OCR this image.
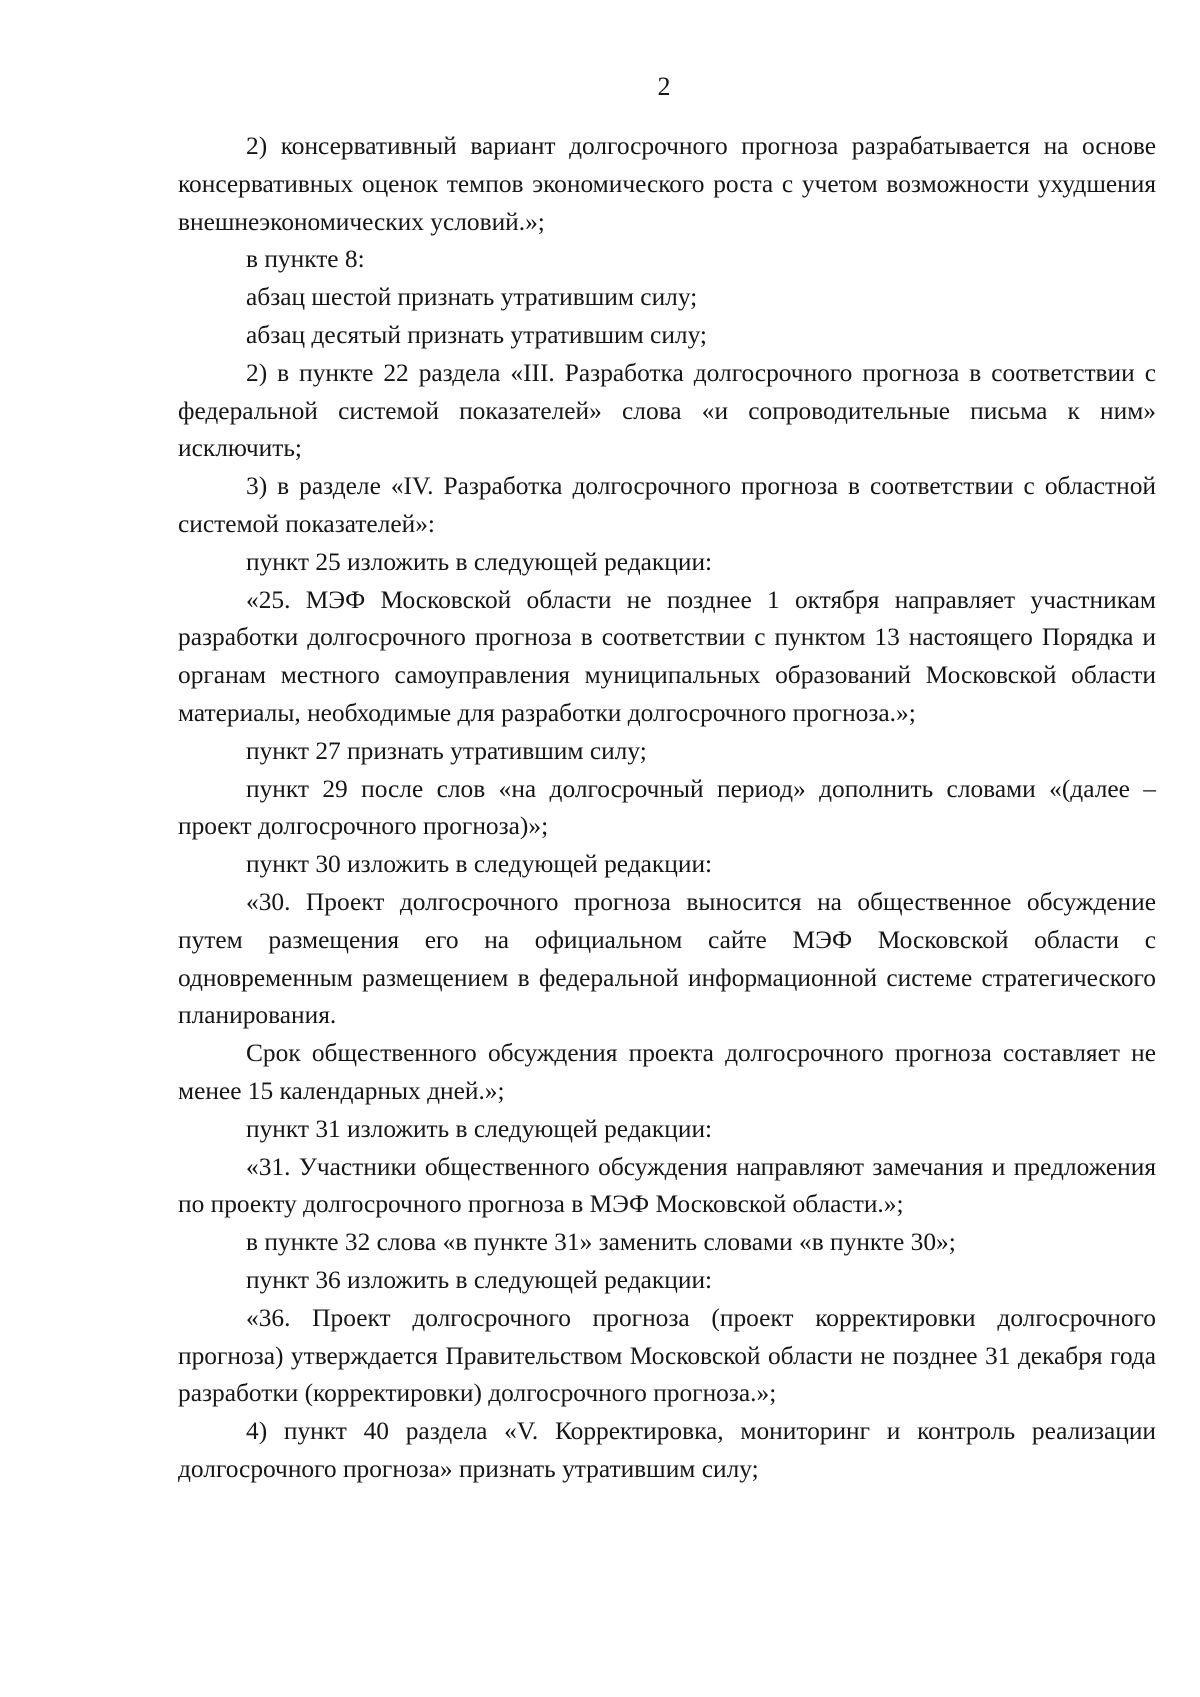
2

2) консервативный вариант долгосрочного прогноза разрабатывается на основе консервативных оценок темпов экономического роста с учетом возможности ухудшения внешнеэкономических условий.»;

в пункте 8:

абзац шестой признать утратившим силу;

абзац десятый признать утратившим силу;

2) в пункте 22 раздела «III. Разработка долгосрочного прогноза в соответствии с федеральной системой показателей» слова «и сопроводительные письма к ним» исключить;

3) в разделе «IV. Разработка долгосрочного прогноза в соответствии с областной системой показателей»:

пункт 25 изложить в следующей редакции:

«25. МЭФ Московской области не позднее 1 октября направляет участникам разработки долгосрочного прогноза в соответствии с пунктом 13 настоящего Порядка и органам местного самоуправления муниципальных образований Московской области материалы, необходимые для разработки долгосрочного прогноза.»;

пункт 27 признать утратившим силу;

пункт 29 после слов «на долгосрочный период» дополнить словами «(далее – проект долгосрочного прогноза)»;

пункт 30 изложить в следующей редакции:

«30. Проект долгосрочного прогноза выносится на общественное обсуждение путем размещения его на официальном сайте МЭФ Московской области с одновременным размещением в федеральной информационной системе стратегического планирования.

Срок общественного обсуждения проекта долгосрочного прогноза составляет не менее 15 календарных дней.»;

пункт 31 изложить в следующей редакции:

«31. Участники общественного обсуждения направляют замечания и предложения по проекту долгосрочного прогноза в МЭФ Московской области.»;

в пункте 32 слова «в пункте 31» заменить словами «в пункте 30»;

пункт 36 изложить в следующей редакции:

«36. Проект долгосрочного прогноза (проект корректировки долгосрочного прогноза) утверждается Правительством Московской области не позднее 31 декабря года разработки (корректировки) долгосрочного прогноза.»;

4) пункт 40 раздела «V. Корректировка, мониторинг и контроль реализации долгосрочного прогноза» признать утратившим силу;
